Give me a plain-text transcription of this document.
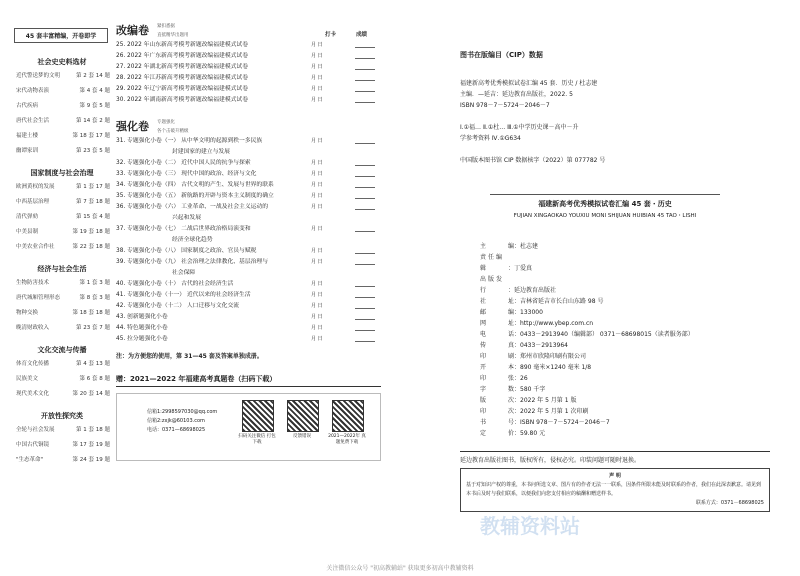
45 套丰富精编，开卷即学
社会史史料选材
近代警送梦的文明	第 2 套 14 题
宋代动物表演	第 4 套 4 题
古代疾病	第 9 套 5 题
唐代社会生活	第 14 套 2 题
福建土楼	第 18 套 17 题
幽谭家训	第 23 套 5 题
国家制度与社会治理
欧洲黄权的发展	第 1 套 17 题
中西基层治理	第 7 套 18 题
清代弹劾	第 15 套 4 题
中美县制	第 19 套 18 题
中美农业合作社	第 22 套 18 题
经济与社会生活
生物防害技术	第 1 套 3 题
唐代城厢管理形态	第 8 套 3 题
物种交换	第 18 套 18 题
晚清财政收入	第 23 套 7 题
文化交流与传播
体育文化传播	第 4 套 13 题
民族美文	第 6 套 8 题
现代美术文化	第 20 套 14 题
开放性探究类
全轮与社会发展	第 1 套 18 题
中国古代铜镜	第 17 套 19 题
"生态革命"	第 24 套 19 题
改编卷 紧扣悉据
直抵精华出题用	打卡	成绩
25. 2022 年山东新高考模考新题改编福建模式试卷	月 日
26. 2022 年广东新高考模考新题改编福建模式试卷	月 日
27. 2022 年湖北新高考模考新题改编福建模式试卷	月 日
28. 2022 年江苏新高考模考新题改编福建模式试卷	月 日
29. 2022 年辽宁新高考模考新题改编福建模式试卷	月 日
30. 2022 年湖南新高考模考新题改编福建模式试卷	月 日
强化卷 专题强化
各个击破升精级
31. 专题强化小卷（一） 从中华文明的起源到秩一多民族	月 日
封建国家的建立与发展
32. 专题强化小卷（二） 近代中国人民的抗争与探索	月 日
33. 专题强化小卷（三） 现代中国的政治、经济与文化	月 日
34. 专题强化小卷（四） 古代文明的产生、发展与世界的联系	月 日
35. 专题强化小卷（五） 新航路的开辟与资本主义制度的确立	月 日
36. 专题强化小卷（六） 工业革命、一战及社会主义运动的	月 日
兴起和发展
37. 专题强化小卷（七） 二战后世界政治格局演变和	月 日
经济全球化趋势
38. 专题强化小卷（八） 国家制度之政治、官员与赋税	月 日
39. 专题强化小卷（九） 社会治理之法律教化、基层治理与	月 日
社会保障
40. 专题强化小卷（十） 古代的社会经济生活	月 日
41. 专题强化小卷（十一） 近代以来的社会经济生活	月 日
42. 专题强化小卷（十二） 人口迁移与文化交流	月 日
43. 创新题强化小卷	月 日
44. 特色题强化小卷	月 日
45. 拉分题强化小卷	月 日
注：为方便您的使用，第 31—45 套及答案单独成册。
赠：2021—2022 年福建高考真题卷（扫码下载）
信箱1:2998597030@qq.com
信箱2:zxjk@60103.com
电话：0371—68698025
扫码关注微信 打包下载
反馈错误	2021—2022年 真题免费下载
图书在版编目（CIP）数据
福建新高考优秀模拟试卷汇编 45 套．历史 / 杜志建
主编．—延吉：延边教育出版社，2022. 5
ISBN 978－7－5724－2046－7

Ⅰ.①福… Ⅱ.①杜… Ⅲ.①中学历史课－高中－升
学参考资料 Ⅳ.①G634

中国版本图书馆 CIP 数据核字（2022）第 077782 号
福建新高考优秀模拟试卷汇编 45 套・历史
FUJIAN XINGAOKAO YOUXIU MONI SHIJUAN HUIBIAN 45 TAO・LISHI
主	编：杜志建
责任编辑	：丁爱真
出版发行	：延边教育出版社
社	址：吉林省延吉市长白山东路 98 号
邮	编：133000
网	址：http://www.ybep.com.cn
电	话：0433－2913940（编辑部） 0371－68698015（读者服务部）
传	真：0433－2913964
印	刷：郑州市欣隆印刷有限公司
开	本：890 毫米×1240 毫米 1/8
印	张：26
字	数：580 千字
版	次：2022 年 5 月第 1 版
印	次：2022 年 5 月第 1 次印刷
书	号：ISBN 978－7－5724－2046－7
定	价：59.80 元
延边教育出版社图书，版权所有，侵权必究。印装问题可随时退换。
声 明
基于对知识产权的尊重，本书问所选文章、图片有的作者无法一一联系，因条件所限未能及时联系的作者，我们在此深表歉意。请见到本书后及时与我们联系，以便我们向您支付相应的稿酬和赠送样书。
联系方式：0371－68698025
教辅资料站
关注微信公众号 "初高教辅站" 获取更多初高中教辅资料
